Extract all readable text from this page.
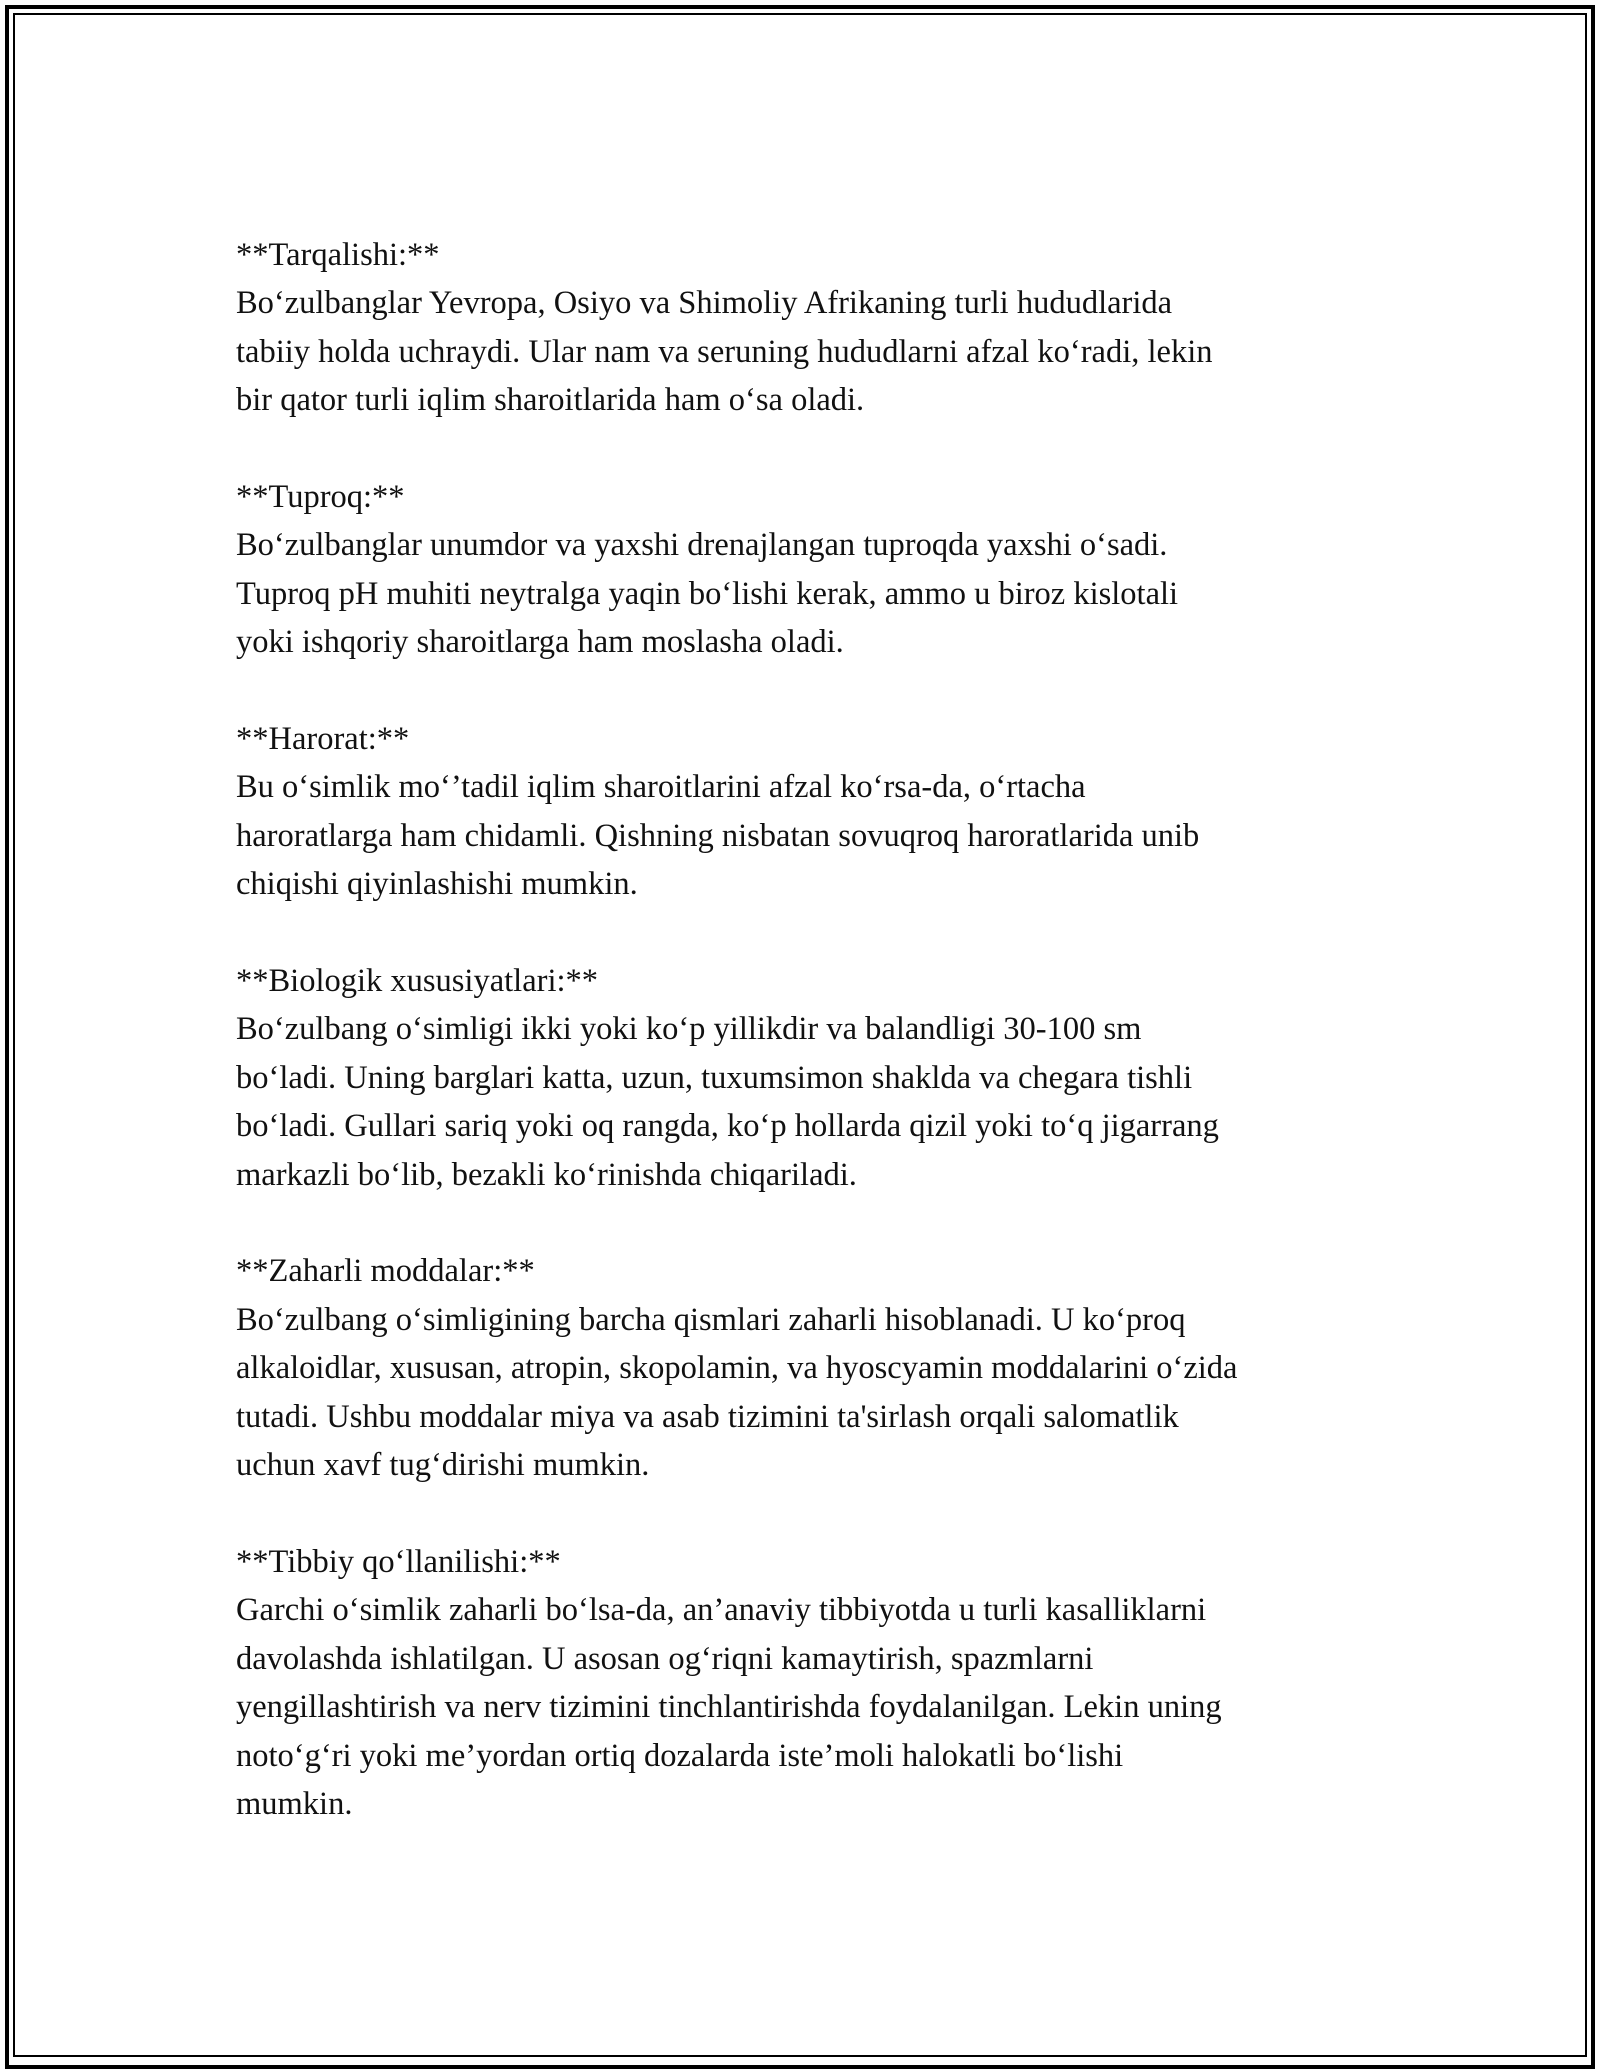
**Tarqalishi:**
Bo‘zulbanglar Yevropa, Osiyo va Shimoliy Afrikaning turli hududlarida
tabiiy holda uchraydi. Ular nam va seruning hududlarni afzal ko‘radi, lekin
bir qator turli iqlim sharoitlarida ham o‘sa oladi.
**Tuproq:**
Bo‘zulbanglar unumdor va yaxshi drenajlangan tuproqda yaxshi o‘sadi.
Tuproq pH muhiti neytralga yaqin bo‘lishi kerak, ammo u biroz kislotali
yoki ishqoriy sharoitlarga ham moslasha oladi.
**Harorat:**
Bu o‘simlik mo‘’tadil iqlim sharoitlarini afzal ko‘rsa-da, o‘rtacha
haroratlarga ham chidamli. Qishning nisbatan sovuqroq haroratlarida unib
chiqishi qiyinlashishi mumkin.
**Biologik xususiyatlari:**
Bo‘zulbang o‘simligi ikki yoki ko‘p yillikdir va balandligi 30-100 sm
bo‘ladi. Uning barglari katta, uzun, tuxumsimon shaklda va chegara tishli
bo‘ladi. Gullari sariq yoki oq rangda, ko‘p hollarda qizil yoki to‘q jigarrang
markazli bo‘lib, bezakli ko‘rinishda chiqariladi.
**Zaharli moddalar:**
Bo‘zulbang o‘simligining barcha qismlari zaharli hisoblanadi. U ko‘proq
alkaloidlar, xususan, atropin, skopolamin, va hyoscyamin moddalarini o‘zida
tutadi. Ushbu moddalar miya va asab tizimini ta'sirlash orqali salomatlik
uchun xavf tug‘dirishi mumkin.
**Tibbiy qo‘llanilishi:**
Garchi o‘simlik zaharli bo‘lsa-da, an’anaviy tibbiyotda u turli kasalliklarni
davolashda ishlatilgan. U asosan og‘riqni kamaytirish, spazmlarni
yengillashtirish va nerv tizimini tinchlantirishda foydalanilgan. Lekin uning
noto‘g‘ri yoki me’yordan ortiq dozalarda iste’moli halokatli bo‘lishi
mumkin.
